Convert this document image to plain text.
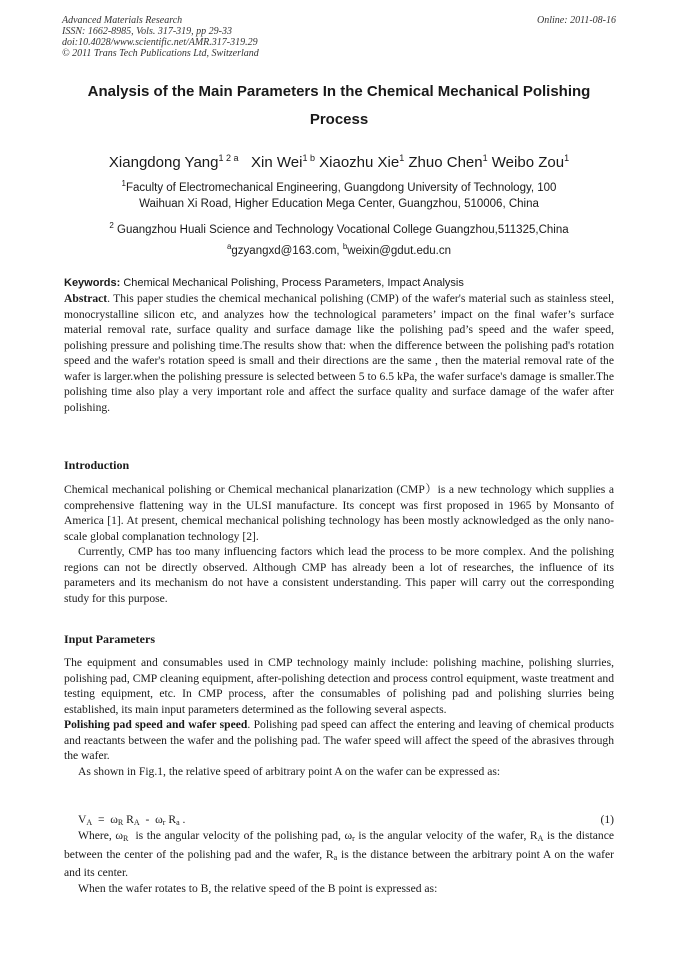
Advanced Materials Research
ISSN: 1662-8985, Vols. 317-319, pp 29-33
doi:10.4028/www.scientific.net/AMR.317-319.29
© 2011 Trans Tech Publications Ltd, Switzerland
Online: 2011-08-16
Analysis of the Main Parameters In the Chemical Mechanical Polishing
Process
Xiangdong Yang$^{1 2 a}$ Xin Wei$^{1 b}$ Xiaozhu Xie$^1$ Zhuo Chen$^1$ Weibo Zou$^1$
$^1$Faculty of Electromechanical Engineering, Guangdong University of Technology, 100
Waihuan Xi Road, Higher Education Mega Center, Guangzhou, 510006, China
$^2$ Guangzhou Huali Science and Technology Vocational College Guangzhou,511325,China
$^a$gzyangxd@163.com, $^b$weixin@gdut.edu.cn
Keywords: Chemical Mechanical Polishing, Process Parameters, Impact Analysis

Abstract. This paper studies the chemical mechanical polishing (CMP) of the wafer's material such as stainless steel, monocrystalline silicon etc, and analyzes how the technological parameters’ impact on the final wafer’s surface material removal rate, surface quality and surface damage like the polishing pad’s speed and the wafer speed, polishing pressure and polishing time.The results show that: when the difference between the polishing pad's rotation speed and the wafer's rotation speed is small and their directions are the same , then the material removal rate of the wafer is larger.when the polishing pressure is selected between 5 to 6.5 kPa, the wafer surface's damage is smaller.The polishing time also play a very important role and affect the surface quality and surface damage of the wafer after polishing.

Introduction

Chemical mechanical polishing or Chemical mechanical planarization (CMP）is a new technology which supplies a comprehensive flattening way in the ULSI manufacture. Its concept was first proposed in 1965 by Monsanto of America [1]. At present, chemical mechanical polishing technology has been mostly acknowledged as the only nano-scale global complanation technology [2].

Currently, CMP has too many influencing factors which lead the process to be more complex. And the polishing regions can not be directly observed. Although CMP has already been a lot of researches, the influence of its parameters and its mechanism do not have a consistent understanding. This paper will carry out the corresponding study for this purpose.

Input Parameters

The equipment and consumables used in CMP technology mainly include: polishing machine, polishing slurries, polishing pad, CMP cleaning equipment, after-polishing detection and process control equipment, waste treatment and testing equipment, etc. In CMP process, after the consumables of polishing pad and polishing slurries being established, its main input parameters determined as the following several aspects.

Polishing pad speed and wafer speed. Polishing pad speed can affect the entering and leaving of chemical products and reactants between the wafer and the polishing pad. The wafer speed will affect the speed of the abrasives through the wafer.

As shown in Fig.1, the relative speed of arbitrary point A on the wafer can be expressed as:

$V_A = \omega_R$ $R_A - \omega_r$ $R_a$ .	(1)

Where, $\omega_R$ is the angular velocity of the polishing pad, $\omega_r$ is the angular velocity of the wafer, $R_A$ is the distance between the center of the polishing pad and the wafer, $R_a$ is the distance between the arbitrary point A on the wafer and its center.

When the wafer rotates to B, the relative speed of the B point is expressed as:
